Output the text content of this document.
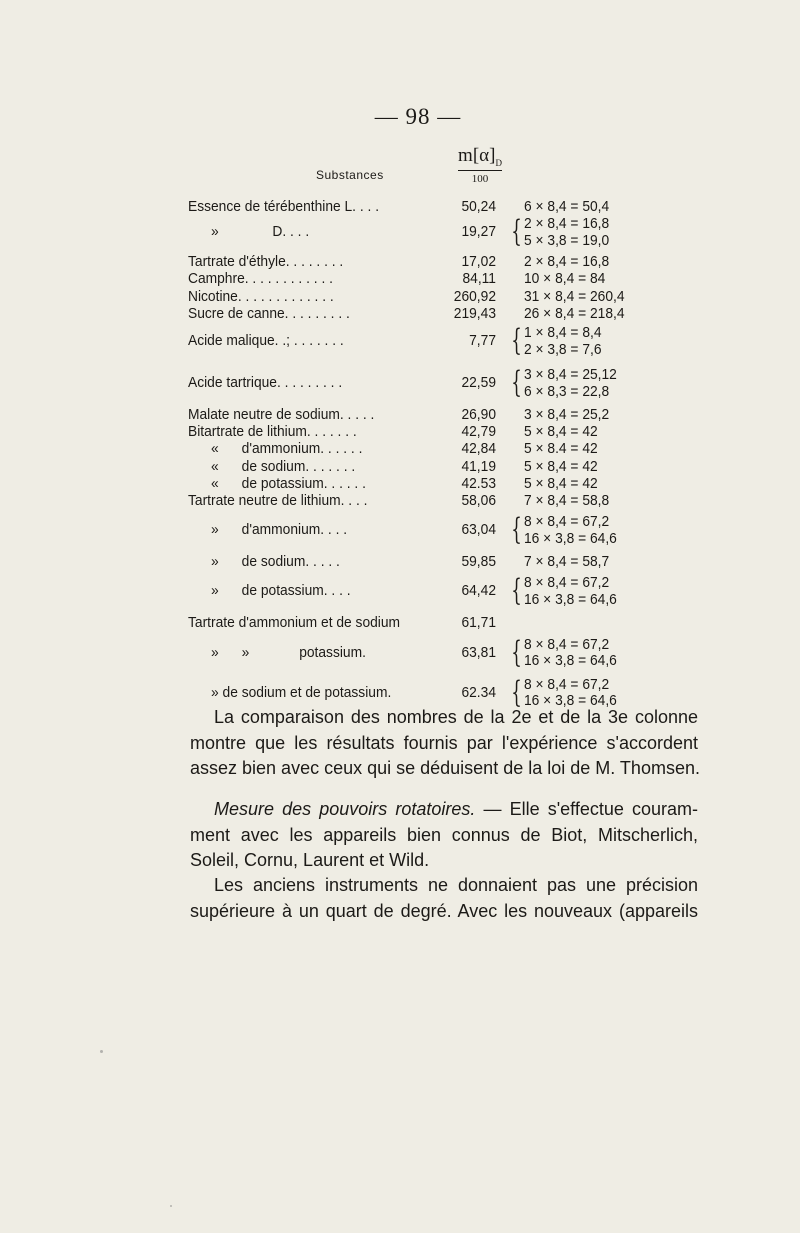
— 98 —
Substances
$m[\alpha]_D$
100
Essence de térébenthine L. . . .	50,24 6 × 8,4 = 50,4
»              D. . . .	19,27 { 2 × 8,4 = 16,8
5 × 3,8 = 19,0
Tartrate d'éthyle. . . . . . . .	17,02 2 × 8,4 = 16,8
Camphre. . . . . . . . . . . .	84,11 10 × 8,4 = 84
Nicotine. . . . . . . . . . . . .	260,92 31 × 8,4 = 260,4
Sucre de canne. . . . . . . . .	219,43 26 × 8,4 = 218,4
Acide malique. .; . . . . . . .	7,77 { 1 × 8,4 = 8,4
2 × 3,8 = 7,6
Acide tartrique. . . . . . . . .	22,59 { 3 × 8,4 = 25,12
6 × 8,3 = 22,8
Malate neutre de sodium. . . . .	26,90 3 × 8,4 = 25,2
Bitartrate de lithium. . . . . . .	42,79 5 × 8,4 = 42
«      d'ammonium. . . . . .	42,84 5 × 8.4 = 42
«      de sodium. . . . . . .	41,19 5 × 8,4 = 42
«      de potassium. . . . . .	42.53 5 × 8,4 = 42
Tartrate neutre de lithium. . . .	58,06 7 × 8,4 = 58,8
»      d'ammonium. . . .	63,04 { 8 × 8,4 = 67,2
16 × 3,8 = 64,6
»      de sodium. . . . .	59,85 7 × 8,4 = 58,7
»      de potassium. . . .	64,42 { 8 × 8,4 = 67,2
16 × 3,8 = 64,6
Tartrate d'ammonium et de sodium	61,71
»      »             potassium.	63,81 { 8 × 8,4 = 67,2
16 × 3,8 = 64,6
» de sodium et de potassium.	62.34 { 8 × 8,4 = 67,2
16 × 3,8 = 64,6
La comparaison des nombres de la 2e et de la 3e colonne
montre que les résultats fournis par l'expérience s'accordent
assez bien avec ceux qui se déduisent de la loi de M. Thomsen.
Mesure des pouvoirs rotatoires. — Elle s'effectue couram-
ment avec les appareils bien connus de Biot, Mitscherlich,
Soleil, Cornu, Laurent et Wild.
Les anciens instruments ne donnaient pas une précision
supérieure à un quart de degré. Avec les nouveaux (appareils
